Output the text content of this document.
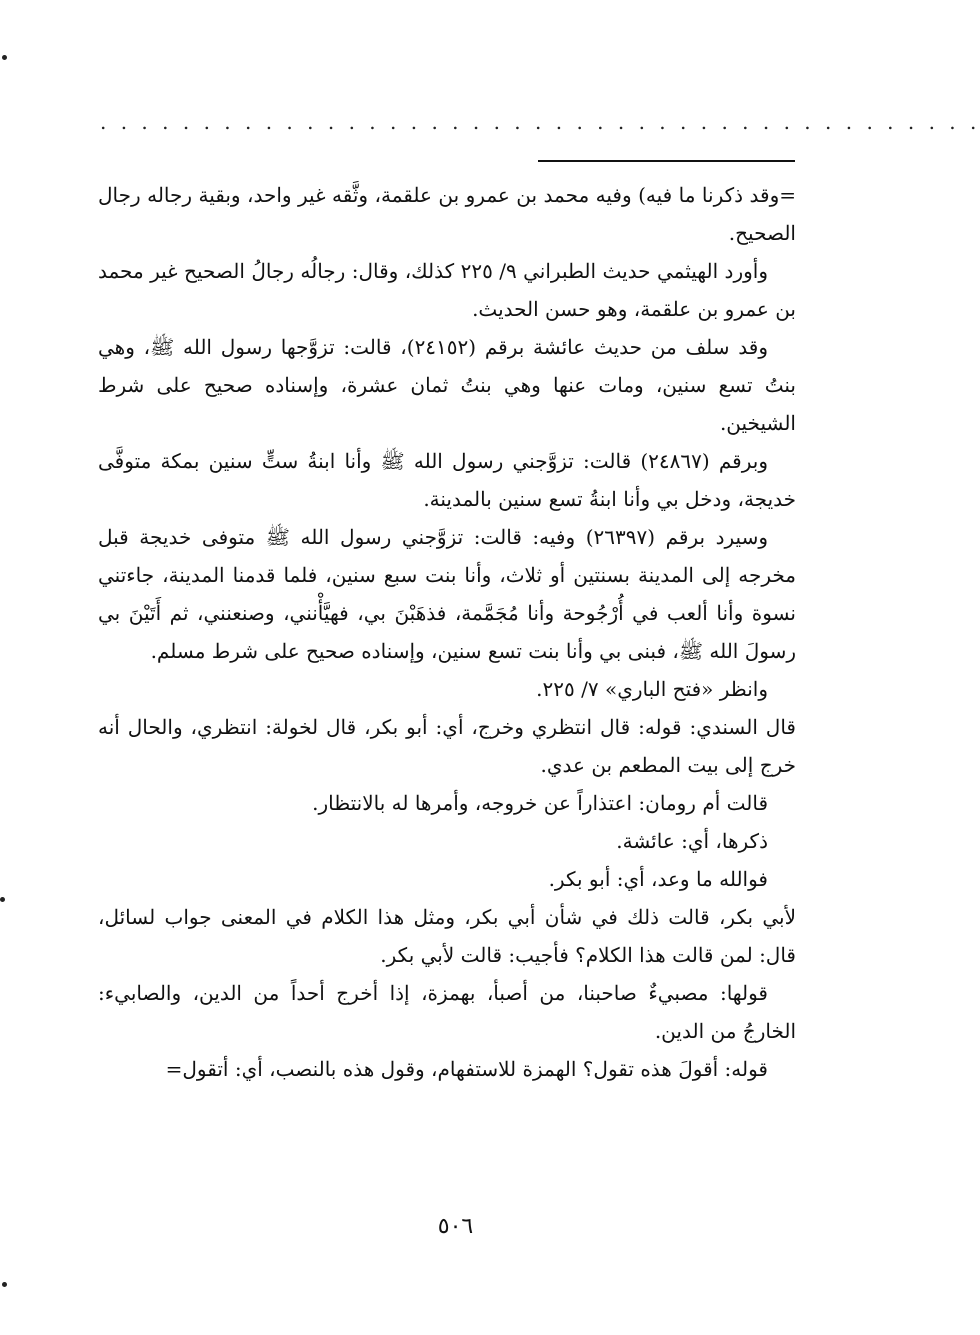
. . . . . . . . . . . . . . . . . . . . . . . . . . . . . . . . . . . . . . . . . . .

=وقد ذكرنا ما فيه) وفيه محمد بن عمرو بن علقمة، وثَّقه غير واحد، وبقية رجاله رجال الصحيح.

وأورد الهيثمي حديث الطبراني ٩/ ٢٢٥ كذلك، وقال: رجالُه رجالُ الصحيح غير محمد بن عمرو بن علقمة، وهو حسن الحديث.

وقد سلف من حديث عائشة برقم (٢٤١٥٢)، قالت: تزوَّجها رسول الله ﷺ، وهي بنتُ تسع سنين، ومات عنها وهي بنتُ ثمان عشرة، وإسناده صحيح على شرط الشيخين.

وبرقم (٢٤٨٦٧) قالت: تزوَّجني رسول الله ﷺ وأنا ابنةُ ستٍّ سنين بمكة متوفَّى خديجة، ودخل بي وأنا ابنةُ تسع سنين بالمدينة.

وسيرد برقم (٢٦٣٩٧) وفيه: قالت: تزوَّجني رسول الله ﷺ متوفى خديجة قبل مخرجه إلى المدينة بسنتين أو ثلاث، وأنا بنت سبع سنين، فلما قدمنا المدينة، جاءتني نسوة وأنا ألعب في أُرْجُوحة وأنا مُجَمَّمة، فذهَبْنَ بي، فهيَّأْنني، وصنعنني، ثم أَتَيْنَ بي رسولَ الله ﷺ، فبنى بي وأنا بنت تسع سنين، وإسناده صحيح على شرط مسلم.

وانظر «فتح الباري» ٧/ ٢٢٥.

قال السندي: قوله: قال انتظري وخرج، أي: أبو بكر، قال لخولة: انتظري، والحال أنه خرج إلى بيت المطعم بن عدي.

قالت أم رومان: اعتذاراً عن خروجه، وأمرها له بالانتظار.

ذكرها، أي: عائشة.

فوالله ما وعد، أي: أبو بكر.

لأبي بكر، قالت ذلك في شأن أبي بكر، ومثل هذا الكلام في المعنى جواب لسائل، قال: لمن قالت هذا الكلام؟ فأجيب: قالت لأبي بكر.

قولها: مصبيءٌ صاحبنا، من أصبأ، بهمزة، إذا أخرج أحداً من الدين، والصابيء: الخارجُ من الدين.

قوله: أقولَ هذه تقول؟ الهمزة للاستفهام، وقول هذه بالنصب، أي: أتقول=

٥٠٦
